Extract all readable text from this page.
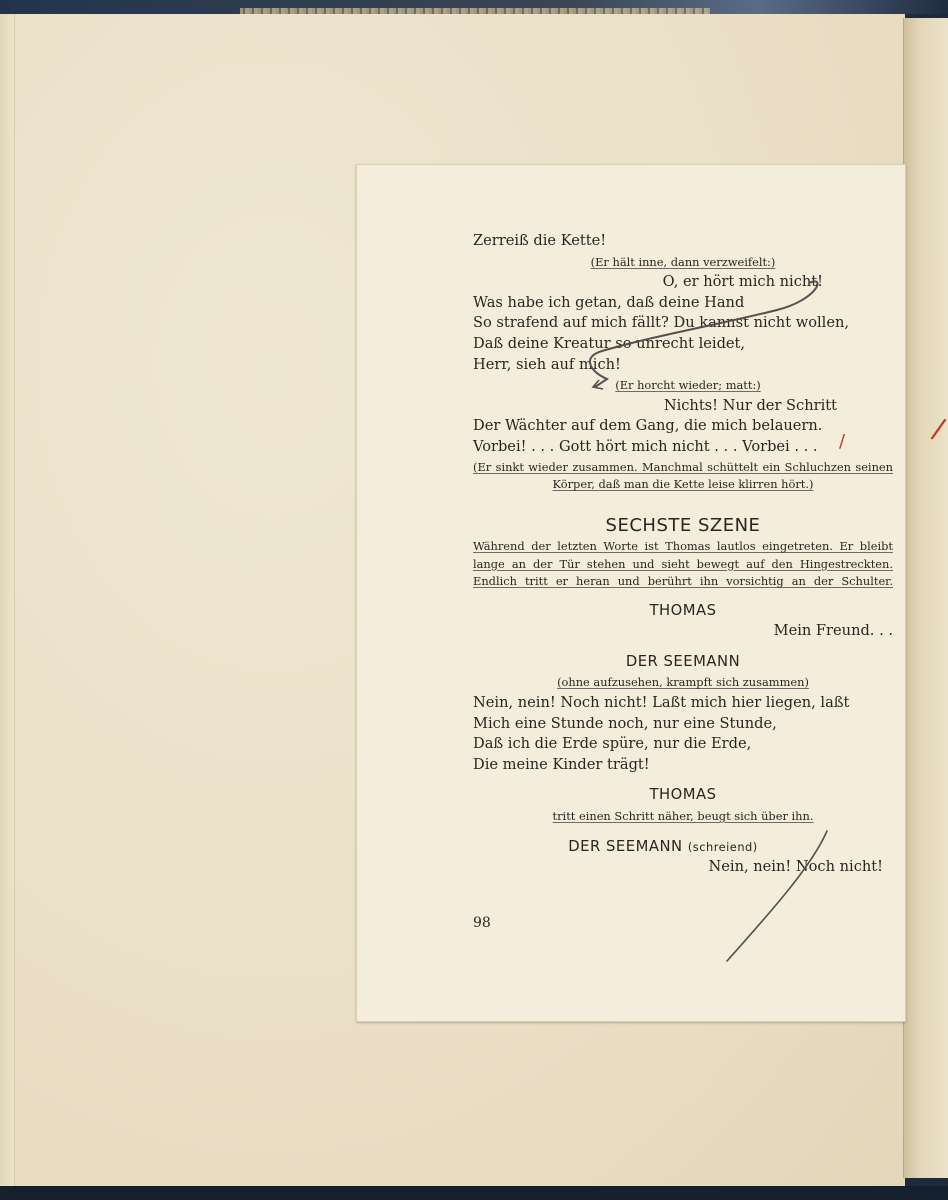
/
Zerreiß die Kette!
(Er hält inne, dann verzweifelt:)
O, er hört mich nicht!
Was habe ich getan, daß deine Hand
So strafend auf mich fällt? Du kannst nicht wollen,
Daß deine Kreatur so unrecht leidet,
Herr, sieh auf mich!
(Er horcht wieder; matt:)
Nichts! Nur der Schritt
Der Wächter auf dem Gang, die mich belauern.
Vorbei! . . . Gott hört mich nicht . . . Vorbei . . .
(Er sinkt wieder zusammen. Manchmal schüttelt ein Schluchzen seinen
Körper, daß man die Kette leise klirren hört.)
SECHSTE SZENE
Während der letzten Worte ist Thomas lautlos eingetreten. Er bleibt
lange an der Tür stehen und sieht bewegt auf den Hingestreckten.
Endlich tritt er heran und berührt ihn vorsichtig an der Schulter.
THOMAS
Mein Freund. . .
DER SEEMANN
(ohne aufzusehen, krampft sich zusammen)
Nein, nein! Noch nicht! Laßt mich hier liegen, laßt
Mich eine Stunde noch, nur eine Stunde,
Daß ich die Erde spüre, nur die Erde,
Die meine Kinder trägt!
THOMAS
tritt einen Schritt näher, beugt sich über ihn.
DER SEEMANN (schreiend)
Nein, nein! Noch nicht!
98
/
